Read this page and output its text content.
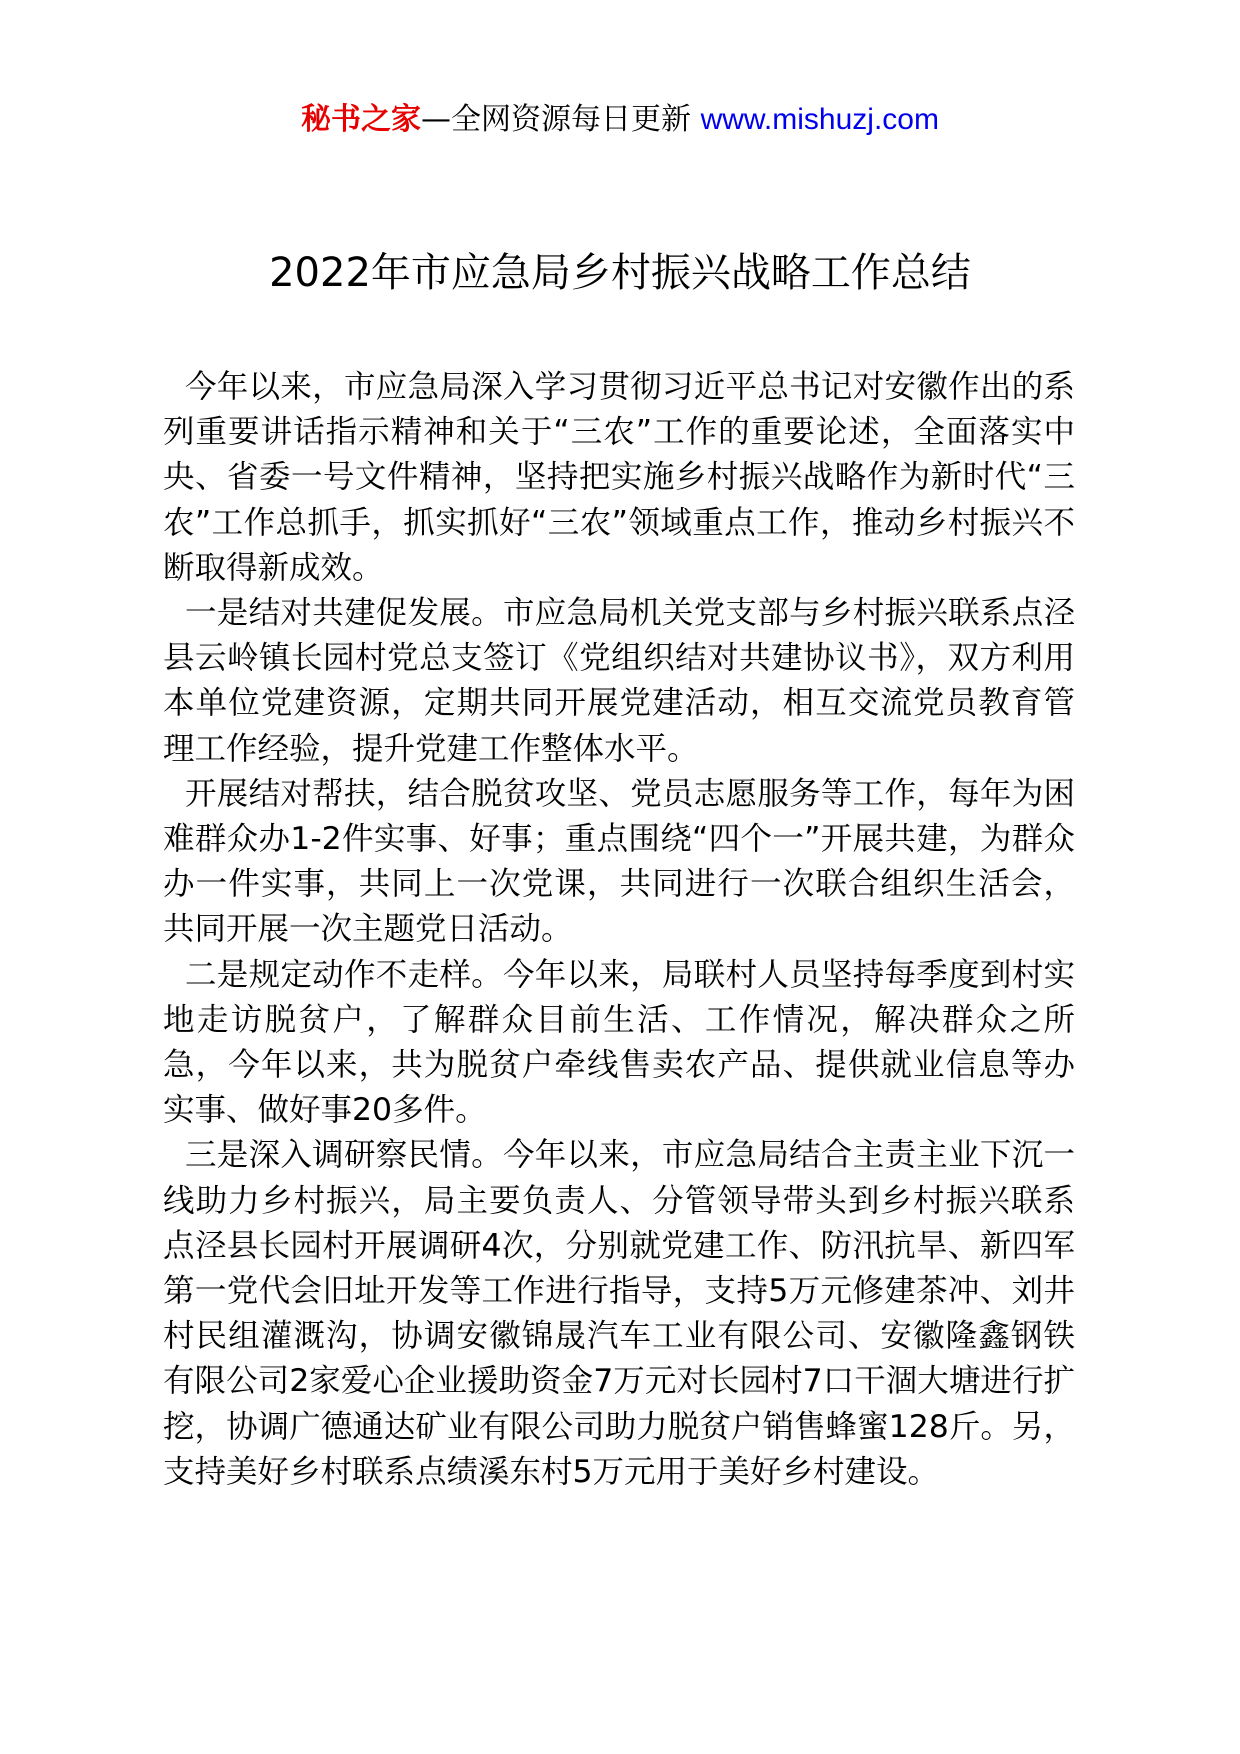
秘书之家—全网资源每日更新 www.mishuzj.com
2022年市应急局乡村振兴战略工作总结

今年以来，市应急局深入学习贯彻习近平总书记对安徽作出的系列重要讲话指示精神和关于“三农”工作的重要论述，全面落实中央、省委一号文件精神，坚持把实施乡村振兴战略作为新时代“三农”工作总抓手，抓实抓好“三农”领域重点工作，推动乡村振兴不断取得新成效。

一是结对共建促发展。市应急局机关党支部与乡村振兴联系点泾县云岭镇长园村党总支签订《党组织结对共建协议书》，双方利用本单位党建资源，定期共同开展党建活动，相互交流党员教育管理工作经验，提升党建工作整体水平。

开展结对帮扶，结合脱贫攻坚、党员志愿服务等工作，每年为困难群众办1-2件实事、好事；重点围绕“四个一”开展共建，为群众办一件实事，共同上一次党课，共同进行一次联合组织生活会，共同开展一次主题党日活动。

二是规定动作不走样。今年以来，局联村人员坚持每季度到村实地走访脱贫户，了解群众目前生活、工作情况，解决群众之所急，今年以来，共为脱贫户牵线售卖农产品、提供就业信息等办实事、做好事20多件。

三是深入调研察民情。今年以来，市应急局结合主责主业下沉一线助力乡村振兴，局主要负责人、分管领导带头到乡村振兴联系点泾县长园村开展调研4次，分别就党建工作、防汛抗旱、新四军第一党代会旧址开发等工作进行指导，支持5万元修建茶冲、刘井村民组灌溉沟，协调安徽锦晟汽车工业有限公司、安徽隆鑫钢铁有限公司2家爱心企业援助资金7万元对长园村7口干涸大塘进行扩挖，协调广德通达矿业有限公司助力脱贫户销售蜂蜜128斤。另，支持美好乡村联系点绩溪东村5万元用于美好乡村建设。
